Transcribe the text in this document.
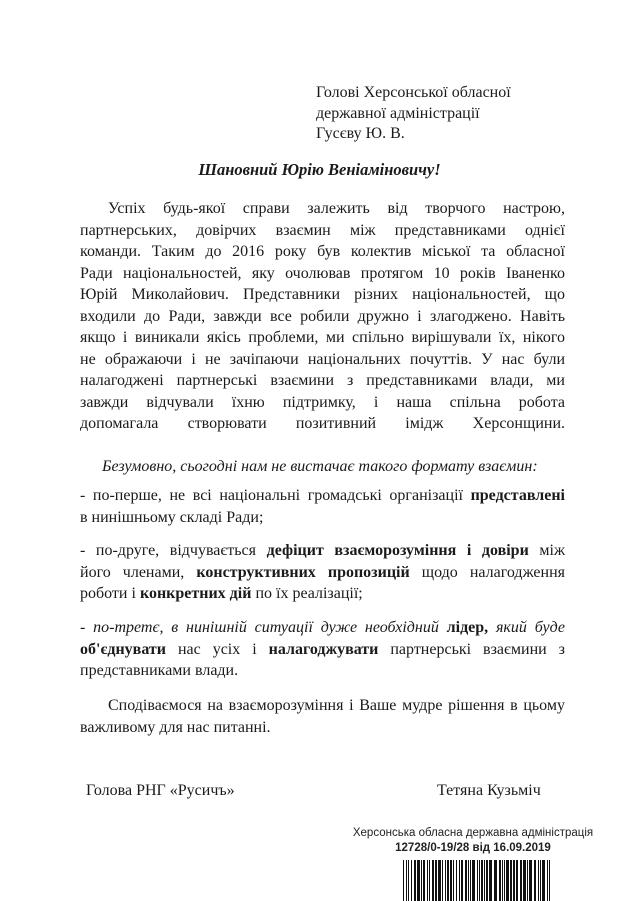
Голові Херсонської обласної
державної адміністрації
Гусєву Ю. В.
Шановний Юрію Веніаміновичу!
Успіх будь-якої справи залежить від творчого настрою,
партнерських, довірчих взаємин між представниками однієї
команди. Таким до 2016 року був колектив міської та обласної
Ради національностей, яку очолював протягом 10 років Іваненко
Юрій Миколайович. Представники різних національностей, що
входили до Ради, завжди все робили дружно і злагоджено. Навіть
якщо і виникали якісь проблеми, ми спільно вирішували їх, нікого
не ображаючи і не зачіпаючи національних почуттів. У нас були
налагоджені партнерські взаємини з представниками влади, ми
завжди відчували їхню підтримку, і наша спільна робота
допомагала створювати позитивний імідж Херсонщини.
Безумовно, сьогодні нам не вистачає такого формату взаємин:
- по-перше, не всі національні громадські організації представлені
в нинішньому складі Ради;
- по-друге, відчувається дефіцит взаєморозуміння і довіри між
його членами, конструктивних пропозицій щодо налагодження
роботи і конкретних дій по їх реалізації;
- по-третє, в нинішній ситуації дуже необхідний лідер, який буде
об'єднувати нас усіх і налагоджувати партнерські взаємини з
представниками влади.
Сподіваємося на взаєморозуміння і Ваше мудре рішення в цьому
важливому для нас питанні.
Голова РНГ «Русичъ»	Тетяна Кузьміч
Херсонська обласна державна адміністрація
12728/0-19/28 від 16.09.2019
